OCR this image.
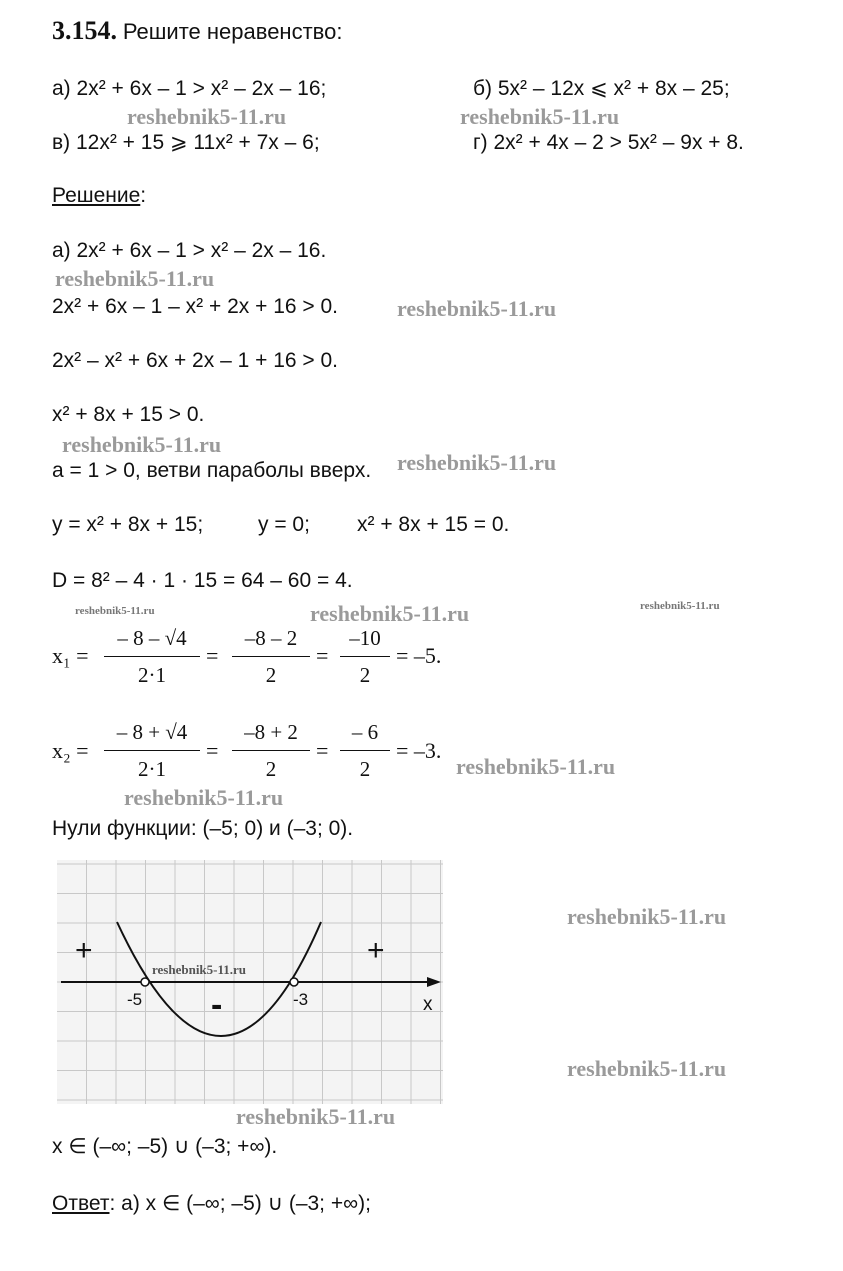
3.154. Решите неравенство:
а) 2x² + 6x – 1 > x² – 2x – 16;	б) 5x² – 12x ⩽ x² + 8x – 25;
в) 12x² + 15 ⩾ 11x² + 7x – 6;	г) 2x² + 4x – 2 > 5x² – 9x + 8.
Решение:
а) 2x² + 6x – 1 > x² – 2x – 16.
2x² + 6x – 1 – x² + 2x + 16 > 0.
2x² – x² + 6x + 2x – 1 + 16 > 0.
x² + 8x + 15 > 0.
a = 1 > 0, ветви параболы вверх.
y = x² + 8x + 15;	y = 0; x² + 8x + 15 = 0.
D = 8² – 4 · 1 · 15 = 64 – 60 = 4.
x₁ =
– 8 – √4
2·1
=
–8 – 2
2
=
–10
2
= –5.
x₂ =
– 8 + √4
2·1
=
–8 + 2
2
=
– 6
2
= –3.
Нули функции: (–5; 0) и (–3; 0).
+	+
-
-5	-3	x
reshebnik5-11.ru
x ∈ (–∞; –5) ∪ (–3; +∞).
Ответ: а) x ∈ (–∞; –5) ∪ (–3; +∞);
reshebnik5-11.ru	reshebnik5-11.ru
reshebnik5-11.ru
reshebnik5-11.ru
reshebnik5-11.ru
reshebnik5-11.ru
reshebnik5-11.ru	reshebnik5-11.ru	reshebnik5-11.ru
reshebnik5-11.ru
reshebnik5-11.ru
reshebnik5-11.ru
reshebnik5-11.ru
reshebnik5-11.ru
